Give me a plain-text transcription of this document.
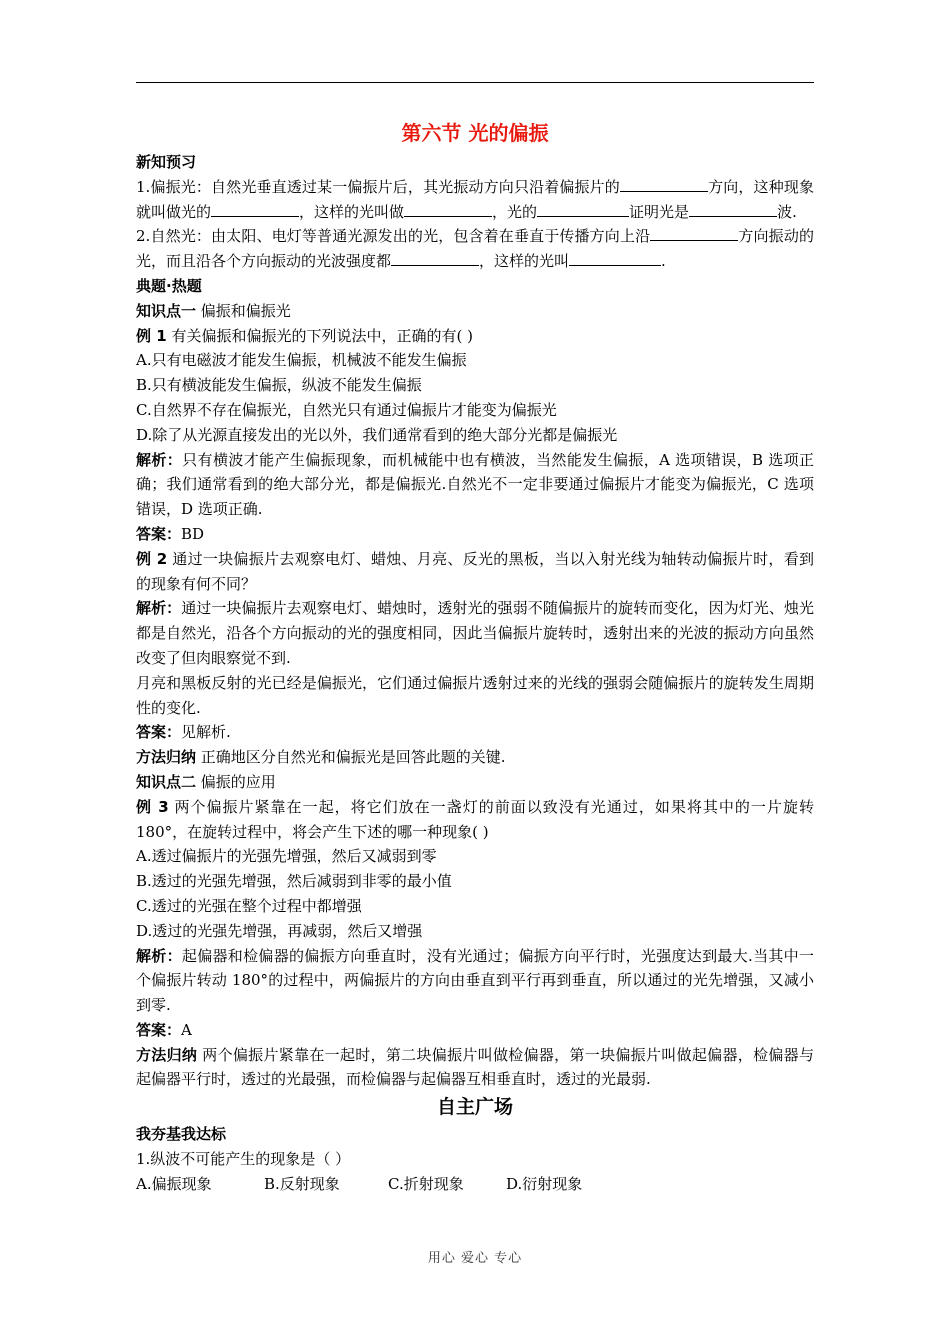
第六节 光的偏振
新知预习

1.偏振光：自然光垂直透过某一偏振片后，其光振动方向只沿着偏振片的	方向，这种现象就叫做光的	，这样的光叫做	，光的	证明光是	波.

2.自然光：由太阳、电灯等普通光源发出的光，包含着在垂直于传播方向上沿	方向振动的光，而且沿各个方向振动的光波强度都	，这样的光叫	.

典题·热题

知识点一 偏振和偏振光

例 1 有关偏振和偏振光的下列说法中，正确的有( )

A.只有电磁波才能发生偏振，机械波不能发生偏振

B.只有横波能发生偏振，纵波不能发生偏振

C.自然界不存在偏振光，自然光只有通过偏振片才能变为偏振光

D.除了从光源直接发出的光以外，我们通常看到的绝大部分光都是偏振光

解析：只有横波才能产生偏振现象，而机械能中也有横波，当然能发生偏振，A 选项错误，B 选项正确；我们通常看到的绝大部分光，都是偏振光.自然光不一定非要通过偏振片才能变为偏振光，C 选项错误，D 选项正确.

答案：BD

例 2 通过一块偏振片去观察电灯、蜡烛、月亮、反光的黑板，当以入射光线为轴转动偏振片时，看到的现象有何不同？

解析：通过一块偏振片去观察电灯、蜡烛时，透射光的强弱不随偏振片的旋转而变化，因为灯光、烛光都是自然光，沿各个方向振动的光的强度相同，因此当偏振片旋转时，透射出来的光波的振动方向虽然改变了但肉眼察觉不到.

月亮和黑板反射的光已经是偏振光，它们通过偏振片透射过来的光线的强弱会随偏振片的旋转发生周期性的变化.

答案：见解析.

方法归纳 正确地区分自然光和偏振光是回答此题的关键.

知识点二 偏振的应用

例 3 两个偏振片紧靠在一起，将它们放在一盏灯的前面以致没有光通过，如果将其中的一片旋转 180°，在旋转过程中，将会产生下述的哪一种现象( )

A.透过偏振片的光强先增强，然后又减弱到零

B.透过的光强先增强，然后减弱到非零的最小值

C.透过的光强在整个过程中都增强

D.透过的光强先增强，再减弱，然后又增强

解析：起偏器和检偏器的偏振方向垂直时，没有光通过；偏振方向平行时，光强度达到最大.当其中一个偏振片转动 180°的过程中，两偏振片的方向由垂直到平行再到垂直，所以通过的光先增强，又减小到零.

答案：A

方法归纳 两个偏振片紧靠在一起时，第二块偏振片叫做检偏器，第一块偏振片叫做起偏器，检偏器与起偏器平行时，透过的光最强，而检偏器与起偏器互相垂直时，透过的光最弱.

自主广场
我夯基我达标

1.纵波不可能产生的现象是（ ）

A.偏振现象	B.反射现象	C.折射现象	D.衍射现象
用心 爱心 专心
